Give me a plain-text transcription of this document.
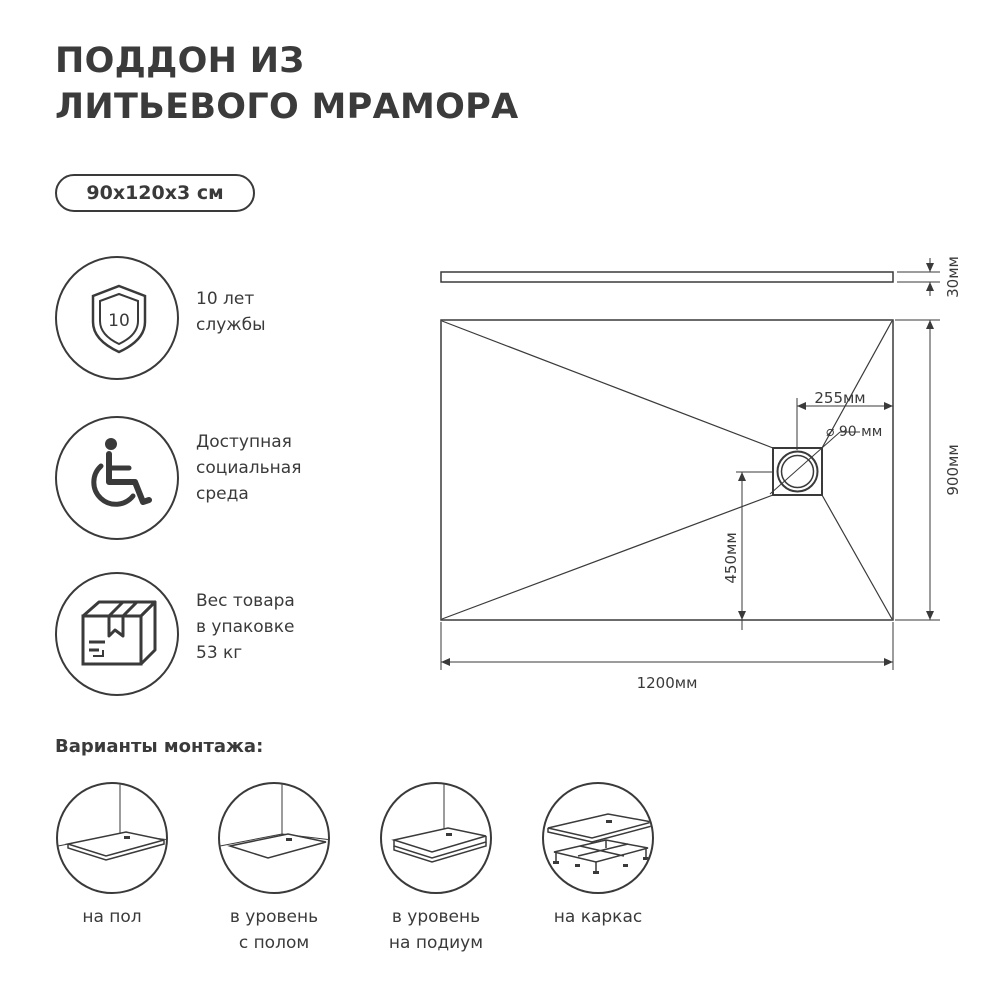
ПОДДОН ИЗ
ЛИТЬЕВОГО МРАМОРА
90x120x3 см
10
10 лет
службы
Доступная
социальная
среда
Вес товара
в упаковке
53 кг
30мм
900мм
1200мм
255мм
⌀ 90 мм
450мм
Варианты монтажа:
на пол	в уровень
с полом
в уровень
на подиум
на каркас
